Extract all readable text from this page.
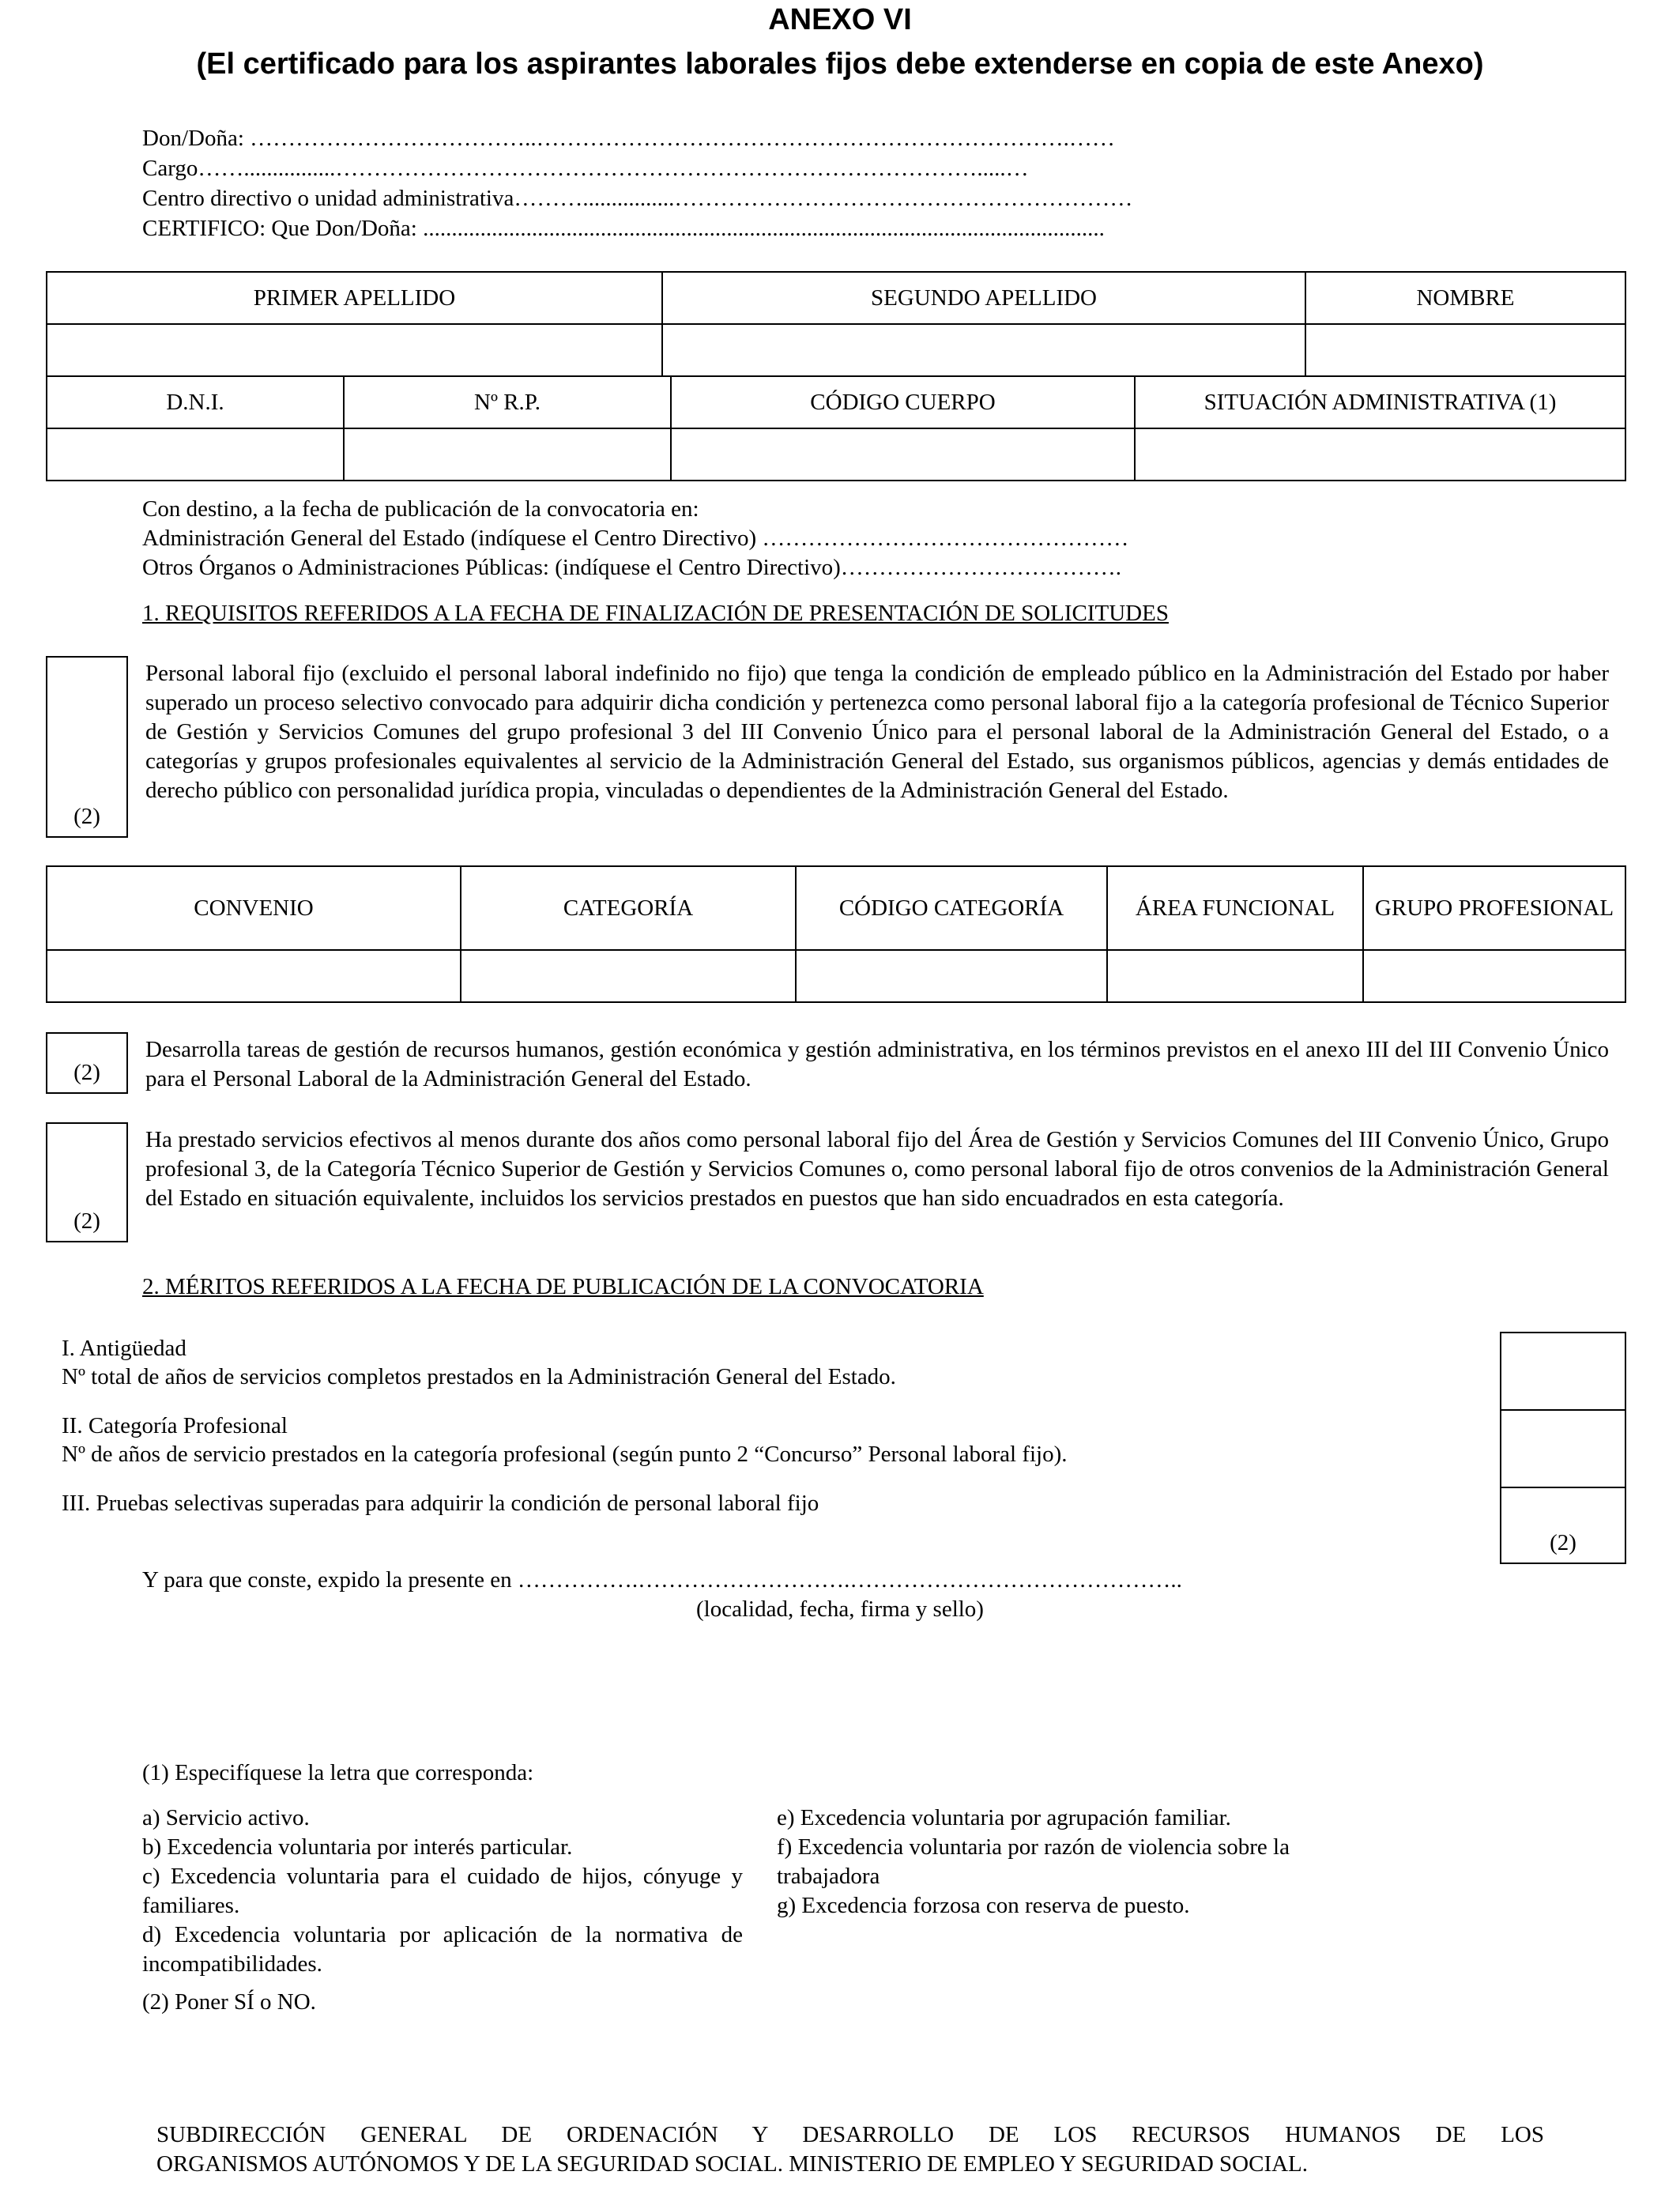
ANEXO VI
(El certificado para los aspirantes laborales fijos debe extenderse en copia de este Anexo)
Don/Doña: ………………………………..…………………………………………………………….……
Cargo……................………………………………………………………………………….....…
Centro directivo o unidad administrativa………................……………………………………………………
CERTIFICO: Que Don/Doña: .......................................................................................................................
PRIMER APELLIDO	SEGUNDO APELLIDO	NOMBRE

D.N.I.	Nº R.P.	CÓDIGO CUERPO	SITUACIÓN ADMINISTRATIVA (1)

Con destino, a la fecha de publicación de la convocatoria en:
Administración General del Estado (indíquese el Centro Directivo) …………………………………………
Otros Órganos o Administraciones Públicas: (indíquese el Centro Directivo)……………………………….
1. REQUISITOS REFERIDOS A LA FECHA DE FINALIZACIÓN DE PRESENTACIÓN DE SOLICITUDES
(2)
Personal laboral fijo (excluido el personal laboral indefinido no fijo) que tenga la condición de empleado público en la Administración del Estado por haber superado un proceso selectivo convocado para adquirir dicha condición y pertenezca como personal laboral fijo a la categoría profesional de Técnico Superior de Gestión y Servicios Comunes del grupo profesional 3 del III Convenio Único para el personal laboral de la Administración General del Estado, o a categorías y grupos profesionales equivalentes al servicio de la Administración General del Estado, sus organismos públicos, agencias y demás entidades de derecho público con personalidad jurídica propia, vinculadas o dependientes de la Administración General del Estado.
CONVENIO	CATEGORÍA	CÓDIGO CATEGORÍA	ÁREA FUNCIONAL	GRUPO PROFESIONAL

(2)
Desarrolla tareas de gestión de recursos humanos, gestión económica y gestión administrativa, en los términos previstos en el anexo III del III Convenio Único para el Personal Laboral de la Administración General del Estado.
(2)
Ha prestado servicios efectivos al menos durante dos años como personal laboral fijo del Área de Gestión y Servicios Comunes del III Convenio Único, Grupo profesional 3, de la Categoría Técnico Superior de Gestión y Servicios Comunes o, como personal laboral fijo de otros convenios de la Administración General del Estado en situación equivalente, incluidos los servicios prestados en puestos que han sido encuadrados en esta categoría.
2. MÉRITOS REFERIDOS A LA FECHA DE PUBLICACIÓN DE LA CONVOCATORIA
I. Antigüedad
Nº total de años de servicios completos prestados en la Administración General del Estado.
II. Categoría Profesional
Nº de años de servicio prestados en la categoría profesional (según punto 2 “Concurso” Personal laboral fijo).
III. Pruebas selectivas superadas para adquirir la condición de personal laboral fijo
(2)
Y para que conste, expido la presente en …………….……………………….……………………………………..
(localidad, fecha, firma y sello)
(1) Especifíquese la letra que corresponda:
a) Servicio activo.
b) Excedencia voluntaria por interés particular.
c) Excedencia voluntaria para el cuidado de hijos, cónyuge y familiares.
d) Excedencia voluntaria por aplicación de la normativa de incompatibilidades.
e) Excedencia voluntaria por agrupación familiar.
f) Excedencia voluntaria por razón de violencia sobre la trabajadora
g) Excedencia forzosa con reserva de puesto.
(2) Poner SÍ o NO.
SUBDIRECCIÓN GENERAL DE ORDENACIÓN Y DESARROLLO DE LOS RECURSOS HUMANOS DE LOS
ORGANISMOS AUTÓNOMOS Y DE LA SEGURIDAD SOCIAL. MINISTERIO DE EMPLEO Y SEGURIDAD SOCIAL.
